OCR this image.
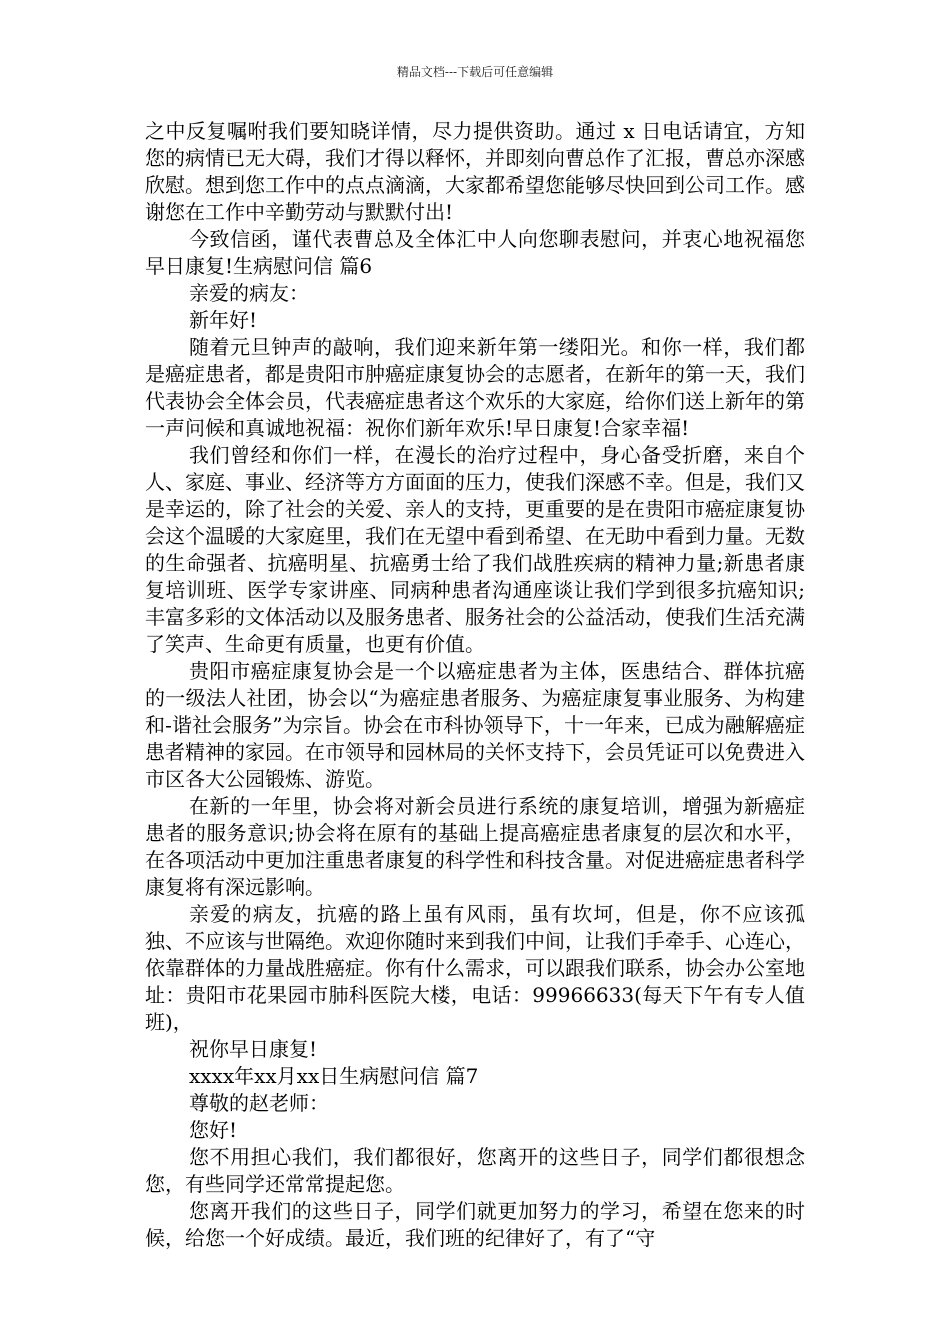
精品文档---下载后可任意编辑

之中反复嘱咐我们要知晓详情，尽力提供资助。通过 x 日电话请宜，方知您的病情已无大碍，我们才得以释怀，并即刻向曹总作了汇报，曹总亦深感欣慰。想到您工作中的点点滴滴，大家都希望您能够尽快回到公司工作。感谢您在工作中辛勤劳动与默默付出!

今致信函，谨代表曹总及全体汇中人向您聊表慰问，并衷心地祝福您早日康复!生病慰问信 篇6

亲爱的病友：

新年好!

随着元旦钟声的敲响，我们迎来新年第一缕阳光。和你一样，我们都是癌症患者，都是贵阳市肿癌症康复协会的志愿者，在新年的第一天，我们代表协会全体会员，代表癌症患者这个欢乐的大家庭，给你们送上新年的第一声问候和真诚地祝福：祝你们新年欢乐!早日康复!合家幸福!

我们曾经和你们一样，在漫长的治疗过程中，身心备受折磨，来自个人、家庭、事业、经济等方方面面的压力，使我们深感不幸。但是，我们又是幸运的，除了社会的关爱、亲人的支持，更重要的是在贵阳市癌症康复协会这个温暖的大家庭里，我们在无望中看到希望、在无助中看到力量。无数的生命强者、抗癌明星、抗癌勇士给了我们战胜疾病的精神力量;新患者康复培训班、医学专家讲座、同病种患者沟通座谈让我们学到很多抗癌知识;丰富多彩的文体活动以及服务患者、服务社会的公益活动，使我们生活充满了笑声、生命更有质量，也更有价值。

贵阳市癌症康复协会是一个以癌症患者为主体，医患结合、群体抗癌的一级法人社团，协会以“为癌症患者服务、为癌症康复事业服务、为构建和-谐社会服务”为宗旨。协会在市科协领导下，十一年来，已成为融解癌症患者精神的家园。在市领导和园林局的关怀支持下，会员凭证可以免费进入市区各大公园锻炼、游览。

在新的一年里，协会将对新会员进行系统的康复培训，增强为新癌症患者的服务意识;协会将在原有的基础上提高癌症患者康复的层次和水平，在各项活动中更加注重患者康复的科学性和科技含量。对促进癌症患者科学康复将有深远影响。

亲爱的病友，抗癌的路上虽有风雨，虽有坎坷，但是，你不应该孤独、不应该与世隔绝。欢迎你随时来到我们中间，让我们手牵手、心连心，依靠群体的力量战胜癌症。你有什么需求，可以跟我们联系，协会办公室地址：贵阳市花果园市肺科医院大楼，电话：99966633(每天下午有专人值班)，

祝你早日康复!

xxxx年xx月xx日生病慰问信 篇7

尊敬的赵老师：

您好!

您不用担心我们，我们都很好，您离开的这些日子，同学们都很想念您，有些同学还常常提起您。

您离开我们的这些日子，同学们就更加努力的学习，希望在您来的时候，给您一个好成绩。最近，我们班的纪律好了，有了“守
